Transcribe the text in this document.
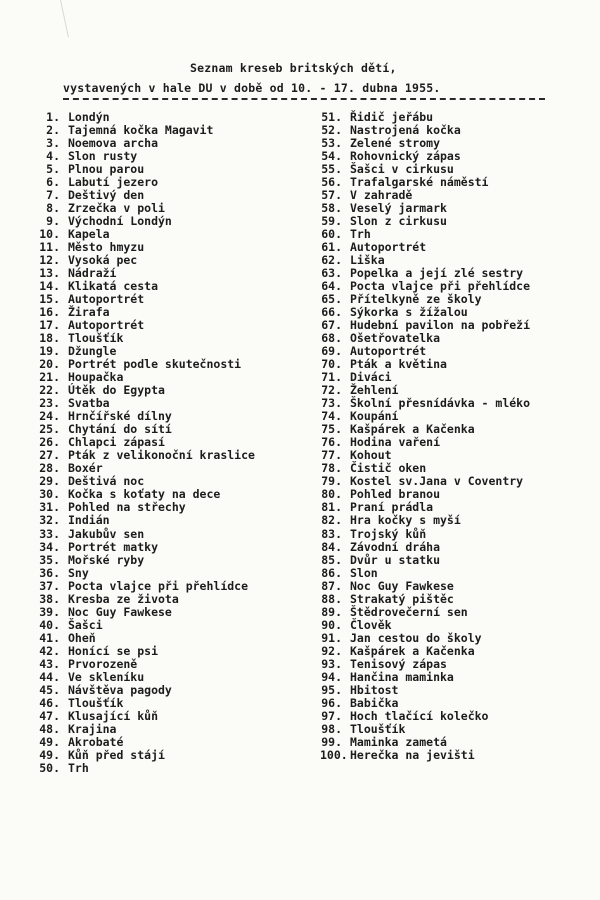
Seznam kreseb britských dětí,
vystavených v hale DU v době od 10. - 17. dubna 1955.
1. Londýn
2. Tajemná kočka Magavit
3. Noemova archa
4. Slon rusty
5. Plnou parou
6. Labutí jezero
7. Deštivý den
8. Zrzečka v poli
9. Východní Londýn
10. Kapela
11. Město hmyzu
12. Vysoká pec
13. Nádraží
14. Klikatá cesta
15. Autoportrét
16. Žirafa
17. Autoportrét
18. Tloušťík
19. Džungle
20. Portrét podle skutečnosti
21. Houpačka
22. Útěk do Egypta
23. Svatba
24. Hrnčířské dílny
25. Chytání do sítí
26. Chlapci zápasí
27. Pták z velikonoční kraslice
28. Boxér
29. Deštivá noc
30. Kočka s koťaty na dece
31. Pohled na střechy
32. Indián
33. Jakubův sen
34. Portrét matky
35. Mořské ryby
36. Sny
37. Pocta vlajce při přehlídce
38. Kresba ze života
39. Noc Guy Fawkese
40. Šašci
41. Oheň
42. Honící se psi
43. Prvorozeně
44. Ve skleníku
45. Návštěva pagody
46. Tloušťík
47. Klusající kůň
48. Krajina
49. Akrobaté
49. Kůň před stájí
50. Trh
51. Řidič jeřábu
52. Nastrojená kočka
53. Zelené stromy
54. Rohovnický zápas
55. Šašci v cirkusu
56. Trafalgarské náměstí
57. V zahradě
58. Veselý jarmark
59. Slon z cirkusu
60. Trh
61. Autoportrét
62. Liška
63. Popelka a její zlé sestry
64. Pocta vlajce při přehlídce
65. Přítelkyně ze školy
66. Sýkorka s žížalou
67. Hudební pavilon na pobřeží
68. Ošetřovatelka
69. Autoportrét
70. Pták a květina
71. Diváci
72. Žehlení
73. Školní přesnídávka - mléko
74. Koupání
75. Kašpárek a Kačenka
76. Hodina vaření
77. Kohout
78. Čistič oken
79. Kostel sv.Jana v Coventry
80. Pohled branou
81. Praní prádla
82. Hra kočky s myší
83. Trojský kůň
84. Závodní dráha
85. Dvůr u statku
86. Slon
87. Noc Guy Fawkese
88. Strakatý pištěc
89. Štědrovečerní sen
90. Člověk
91. Jan cestou do školy
92. Kašpárek a Kačenka
93. Tenisový zápas
94. Hančina maminka
95. Hbitost
96. Babička
97. Hoch tlačící kolečko
98. Tloušťík
99. Maminka zametá
100. Herečka na jevišti
